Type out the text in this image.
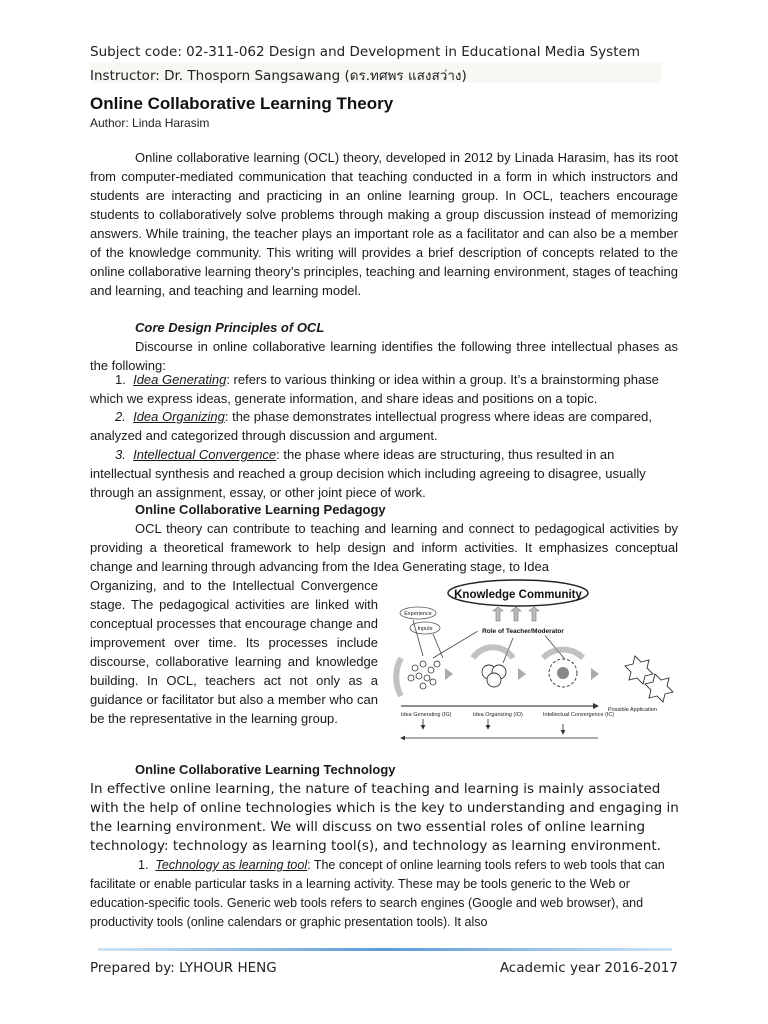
Subject code: 02-311-062 Design and Development in Educational Media System
Instructor: Dr. Thosporn Sangsawang (ดร.ทศพร แสงสว่าง)
Online Collaborative Learning Theory
Author: Linda Harasim
Online collaborative learning (OCL) theory, developed in 2012 by Linada Harasim, has its root from computer-mediated communication that teaching conducted in a form in which instructors and students are interacting and practicing in an online learning group. In OCL, teachers encourage students to collaboratively solve problems through making a group discussion instead of memorizing answers. While training, the teacher plays an important role as a facilitator and can also be a member of the knowledge community. This writing will provides a brief description of concepts related to the online collaborative learning theory’s principles, teaching and learning environment, stages of teaching and learning, and teaching and learning model.
Core Design Principles of OCL
Discourse in online collaborative learning identifies the following three intellectual phases as the following:
1. Idea Generating: refers to various thinking or idea within a group. It’s a brainstorming phase which we express ideas, generate information, and share ideas and positions on a topic.
2. Idea Organizing: the phase demonstrates intellectual progress where ideas are compared, analyzed and categorized through discussion and argument.
3. Intellectual Convergence: the phase where ideas are structuring, thus resulted in an intellectual synthesis and reached a group decision which including agreeing to disagree, usually through an assignment, essay, or other joint piece of work.
Online Collaborative Learning Pedagogy
OCL theory can contribute to teaching and learning and connect to pedagogical activities by providing a theoretical framework to help design and inform activities. It emphasizes conceptual change and learning through advancing from the Idea Generating stage, to Idea
Organizing, and to the Intellectual Convergence stage. The pedagogical activities are linked with conceptual processes that encourage change and improvement over time. Its processes include discourse, collaborative learning and knowledge building. In OCL, teachers act not only as a guidance or facilitator but also a member who can be the representative in the learning group.
Knowledge Community
Experience
Inputs	Role of Teacher/Moderator
Idea Generating (IG)	Idea Organizing (IO)	Intellectual Convergence (IC)
Possible Application
Online Collaborative Learning Technology
In effective online learning, the nature of teaching and learning is mainly associated with the help of online technologies which is the key to understanding and engaging in the learning environment. We will discuss on two essential roles of online learning technology: technology as learning tool(s), and technology as learning environment.
1. Technology as learning tool: The concept of online learning tools refers to web tools that can facilitate or enable particular tasks in a learning activity. These may be tools generic to the Web or education-specific tools. Generic web tools refers to search engines (Google and web browser), and productivity tools (online calendars or graphic presentation tools). It also
Prepared by: LYHOUR HENG	Academic year 2016-2017
